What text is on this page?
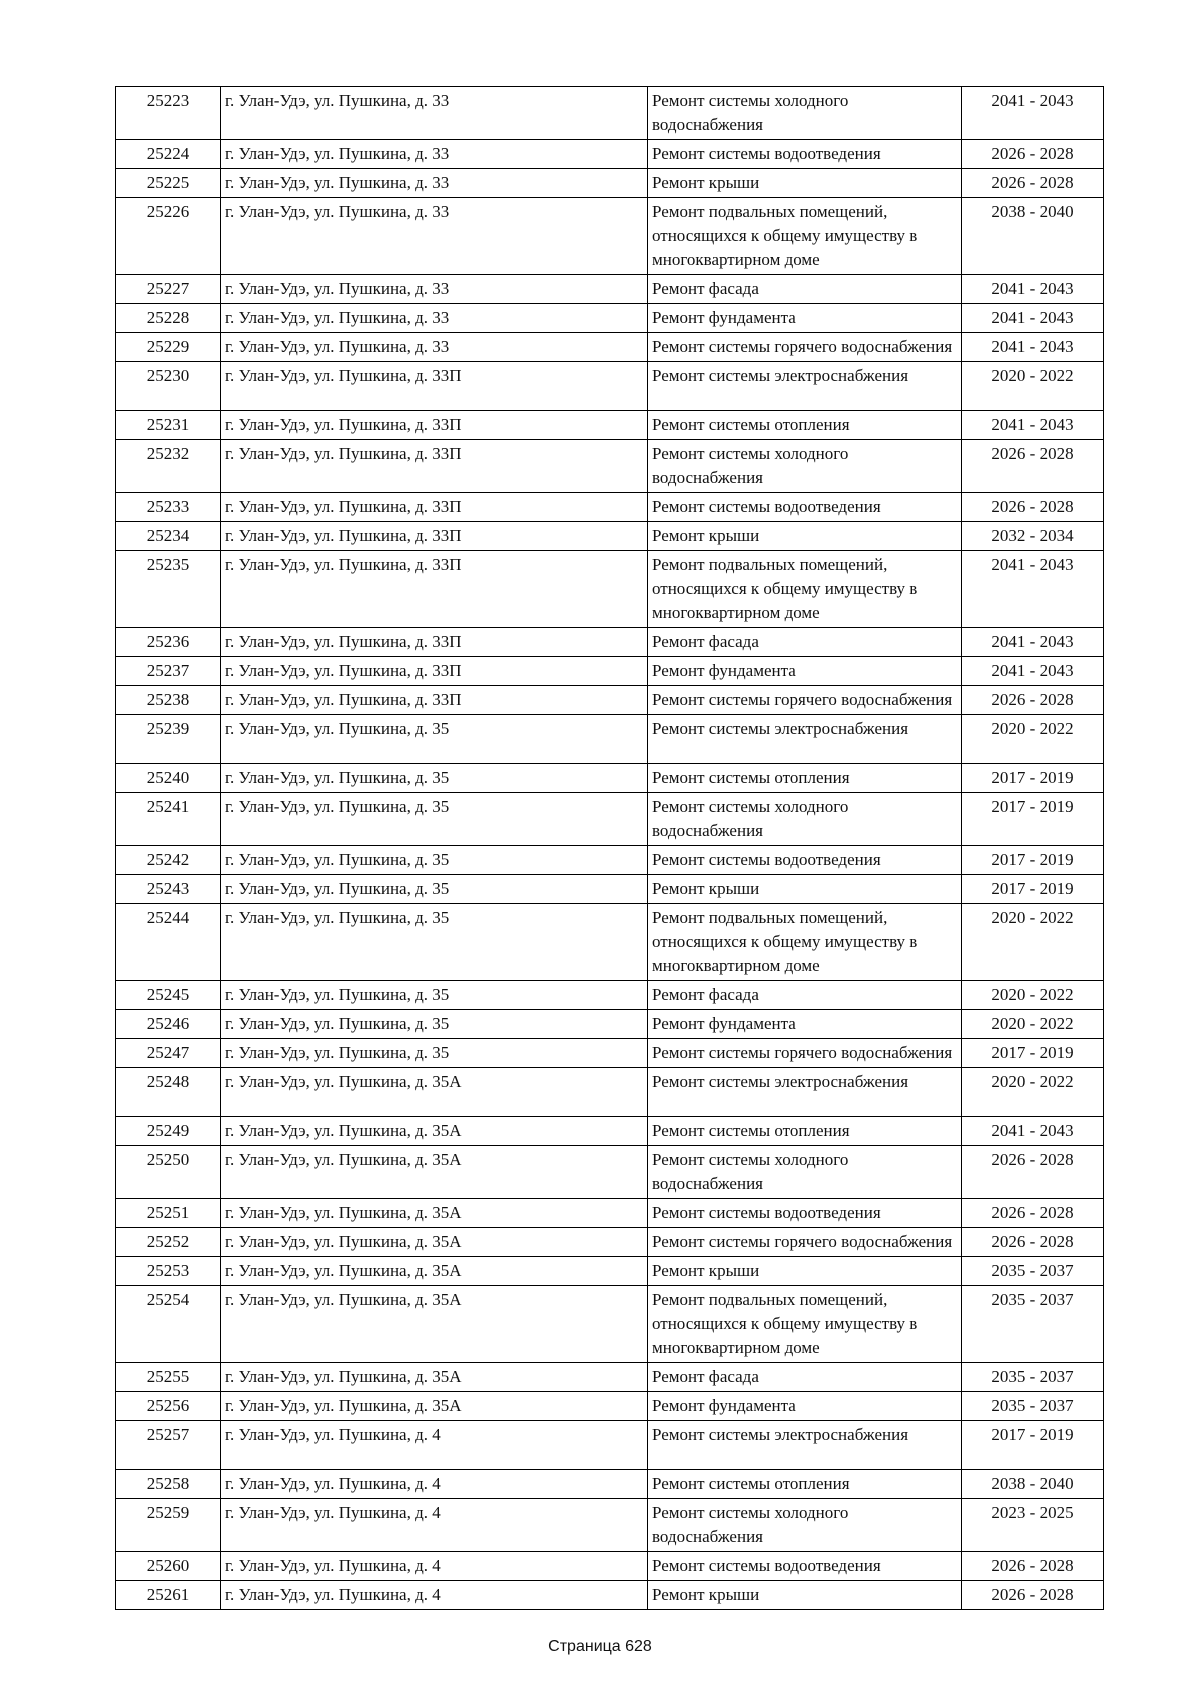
25223	г. Улан-Удэ, ул. Пушкина, д. 33	Ремонт системы холодного водоснабжения	2041 - 2043
25224	г. Улан-Удэ, ул. Пушкина, д. 33	Ремонт системы водоотведения	2026 - 2028
25225	г. Улан-Удэ, ул. Пушкина, д. 33	Ремонт крыши	2026 - 2028
25226	г. Улан-Удэ, ул. Пушкина, д. 33	Ремонт подвальных помещений, относящихся к общему имуществу в многоквартирном доме	2038 - 2040
25227	г. Улан-Удэ, ул. Пушкина, д. 33	Ремонт фасада	2041 - 2043
25228	г. Улан-Удэ, ул. Пушкина, д. 33	Ремонт фундамента	2041 - 2043
25229	г. Улан-Удэ, ул. Пушкина, д. 33	Ремонт системы горячего водоснабжения	2041 - 2043
25230	г. Улан-Удэ, ул. Пушкина, д. 33П	Ремонт системы электроснабжения	2020 - 2022
25231	г. Улан-Удэ, ул. Пушкина, д. 33П	Ремонт системы отопления	2041 - 2043
25232	г. Улан-Удэ, ул. Пушкина, д. 33П	Ремонт системы холодного водоснабжения	2026 - 2028
25233	г. Улан-Удэ, ул. Пушкина, д. 33П	Ремонт системы водоотведения	2026 - 2028
25234	г. Улан-Удэ, ул. Пушкина, д. 33П	Ремонт крыши	2032 - 2034
25235	г. Улан-Удэ, ул. Пушкина, д. 33П	Ремонт подвальных помещений, относящихся к общему имуществу в многоквартирном доме	2041 - 2043
25236	г. Улан-Удэ, ул. Пушкина, д. 33П	Ремонт фасада	2041 - 2043
25237	г. Улан-Удэ, ул. Пушкина, д. 33П	Ремонт фундамента	2041 - 2043
25238	г. Улан-Удэ, ул. Пушкина, д. 33П	Ремонт системы горячего водоснабжения	2026 - 2028
25239	г. Улан-Удэ, ул. Пушкина, д. 35	Ремонт системы электроснабжения	2020 - 2022
25240	г. Улан-Удэ, ул. Пушкина, д. 35	Ремонт системы отопления	2017 - 2019
25241	г. Улан-Удэ, ул. Пушкина, д. 35	Ремонт системы холодного водоснабжения	2017 - 2019
25242	г. Улан-Удэ, ул. Пушкина, д. 35	Ремонт системы водоотведения	2017 - 2019
25243	г. Улан-Удэ, ул. Пушкина, д. 35	Ремонт крыши	2017 - 2019
25244	г. Улан-Удэ, ул. Пушкина, д. 35	Ремонт подвальных помещений, относящихся к общему имуществу в многоквартирном доме	2020 - 2022
25245	г. Улан-Удэ, ул. Пушкина, д. 35	Ремонт фасада	2020 - 2022
25246	г. Улан-Удэ, ул. Пушкина, д. 35	Ремонт фундамента	2020 - 2022
25247	г. Улан-Удэ, ул. Пушкина, д. 35	Ремонт системы горячего водоснабжения	2017 - 2019
25248	г. Улан-Удэ, ул. Пушкина, д. 35А	Ремонт системы электроснабжения	2020 - 2022
25249	г. Улан-Удэ, ул. Пушкина, д. 35А	Ремонт системы отопления	2041 - 2043
25250	г. Улан-Удэ, ул. Пушкина, д. 35А	Ремонт системы холодного водоснабжения	2026 - 2028
25251	г. Улан-Удэ, ул. Пушкина, д. 35А	Ремонт системы водоотведения	2026 - 2028
25252	г. Улан-Удэ, ул. Пушкина, д. 35А	Ремонт системы горячего водоснабжения	2026 - 2028
25253	г. Улан-Удэ, ул. Пушкина, д. 35А	Ремонт крыши	2035 - 2037
25254	г. Улан-Удэ, ул. Пушкина, д. 35А	Ремонт подвальных помещений, относящихся к общему имуществу в многоквартирном доме	2035 - 2037
25255	г. Улан-Удэ, ул. Пушкина, д. 35А	Ремонт фасада	2035 - 2037
25256	г. Улан-Удэ, ул. Пушкина, д. 35А	Ремонт фундамента	2035 - 2037
25257	г. Улан-Удэ, ул. Пушкина, д. 4	Ремонт системы электроснабжения	2017 - 2019
25258	г. Улан-Удэ, ул. Пушкина, д. 4	Ремонт системы отопления	2038 - 2040
25259	г. Улан-Удэ, ул. Пушкина, д. 4	Ремонт системы холодного водоснабжения	2023 - 2025
25260	г. Улан-Удэ, ул. Пушкина, д. 4	Ремонт системы водоотведения	2026 - 2028
25261	г. Улан-Удэ, ул. Пушкина, д. 4	Ремонт крыши	2026 - 2028
Страница 628
